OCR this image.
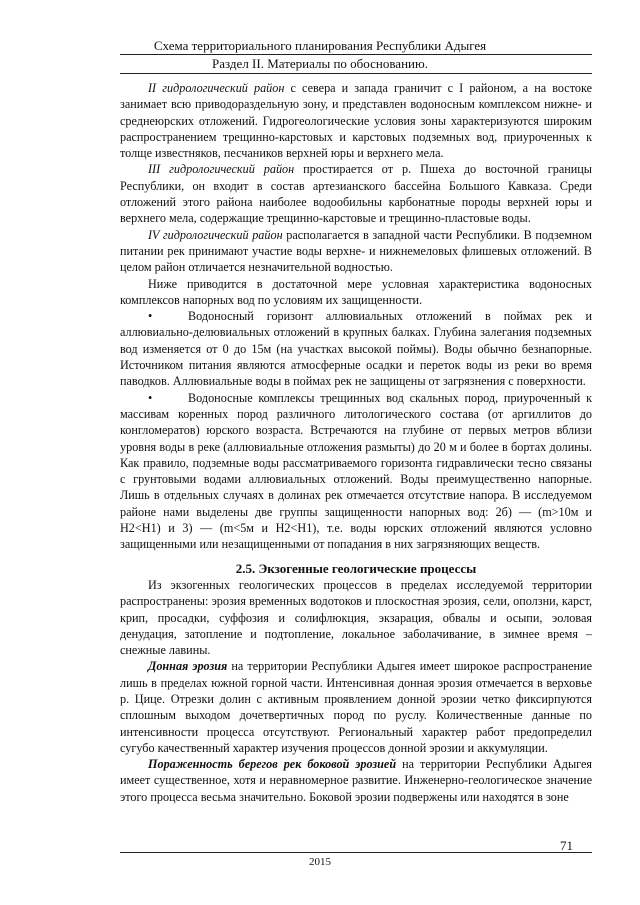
Схема территориального планирования Республики Адыгея
Раздел II. Материалы по обоснованию.

II гидрологический район с севера и запада граничит с I районом, а на востоке занимает всю приводораздельную зону, и представлен водоносным комплексом нижне- и среднеюрских отложений. Гидрогеологические условия зоны характеризуются широким распространением трещинно-карстовых и карстовых подземных вод, приуроченных к толще известняков, песчаников верхней юры и верхнего мела.

III гидрологический район простирается от р. Пшеха до восточной границы Республики, он входит в состав артезианского бассейна Большого Кавказа. Среди отложений этого района наиболее водообильны карбонатные породы верхней юры и верхнего мела, содержащие трещинно-карстовые и трещинно-пластовые воды.

IV гидрологический район располагается в западной части Республики. В подземном питании рек принимают участие воды верхне- и нижнемеловых флишевых отложений. В целом район отличается незначительной водностью.

Ниже приводится в достаточной мере условная характеристика водоносных комплексов напорных вод по условиям их защищенности.

•	Водоносный горизонт аллювиальных отложений в поймах рек и аллювиально-делювиальных отложений в крупных балках. Глубина залегания подземных вод изменяется от 0 до 15м (на участках высокой поймы). Воды обычно безнапорные. Источником питания являются атмосферные осадки и переток воды из реки во время паводков. Аллювиальные воды в поймах рек не защищены от загрязнения с поверхности.

•	Водоносные комплексы трещинных вод скальных пород, приуроченный к массивам коренных пород различного литологического состава (от аргиллитов до конгломератов) юрского возраста. Встречаются на глубине от первых метров вблизи уровня воды в реке (аллювиальные отложения размыты) до 20 м и более в бортах долины. Как правило, подземные воды рассматриваемого горизонта гидравлически тесно связаны с грунтовыми водами аллювиальных отложений. Воды преимущественно напорные. Лишь в отдельных случаях в долинах рек отмечается отсутствие напора. В исследуемом районе нами выделены две группы защищенности напорных вод: 2б) — (m>10м и H2<H1) и 3) — (m<5м и H2<H1), т.е. воды юрских отложений являются условно защищенными или незащищенными от попадания в них загрязняющих веществ.

2.5. Экзогенные геологические процессы

Из экзогенных геологических процессов в пределах исследуемой территории распространены: эрозия временных водотоков и плоскостная эрозия, сели, оползни, карст, крип, просадки, суффозия и солифлюкция, экзарация, обвалы и осыпи, эоловая денудация, затопление и подтопление, локальное заболачивание, в зимнее время – снежные лавины.

Донная эрозия на территории Республики Адыгея имеет широкое распространение лишь в пределах южной горной части. Интенсивная донная эрозия отмечается в верховье р. Цице. Отрезки долин с активным проявлением донной эрозии четко фиксирпуются сплошным выходом дочетвертичных пород по руслу. Количественные данные по интенсивности процесса отсутствуют. Региональный характер работ предопределил сугубо качественный характер изучения процессов донной эрозии и аккумуляции.

Пораженность берегов рек боковой эрозией на территории Республики Адыгея имеет существенное, хотя и неравномерное развитие. Инженерно-геологическое значение этого процесса весьма значительно. Боковой эрозии подвержены или находятся в зоне

71
2015
